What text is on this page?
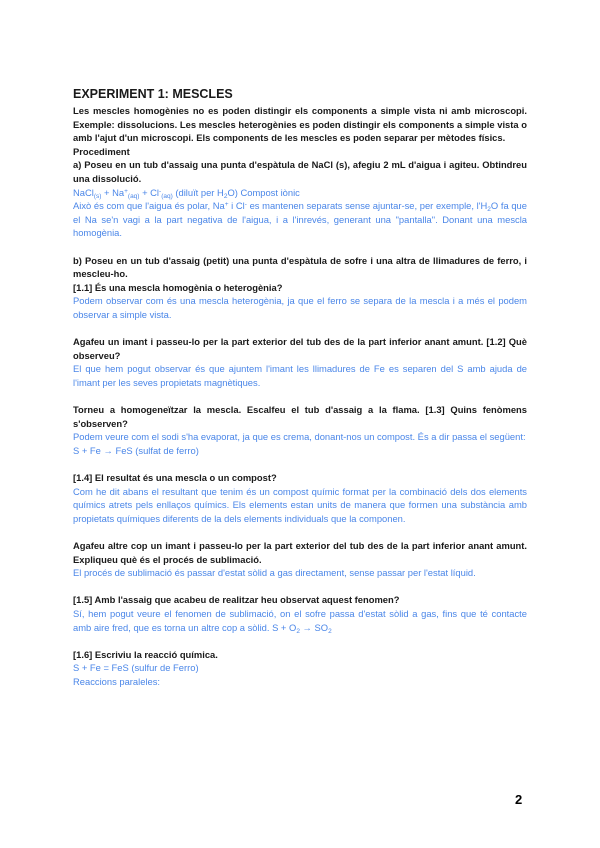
EXPERIMENT 1: MESCLES

Les mescles homogènies no es poden distingir els components a simple vista ni amb microscopi. Exemple: dissolucions. Les mescles heterogènies es poden distingir els components a simple vista o amb l'ajut d'un microscopi. Els components de les mescles es poden separar per mètodes físics.

Procediment

a) Poseu en un tub d'assaig una punta d'espàtula de NaCl (s), afegiu 2 mL d'aigua i agiteu. Obtindreu una dissolució.

NaCl$_{(s)}$ + $Na^+_{(aq)} + Cl^-_{(aq)}$ (diluït per $H_2O$) Compost iònic

Això és com que l'aigua és polar, Na+ i Cl- es mantenen separats sense ajuntar-se, per exemple, $l'H_2O$ fa que el Na se'n vagi a la part negativa de l'aigua, i a l'inrevés, generant una "pantalla". Donant una mescla homogènia.

b) Poseu en un tub d'assaig (petit) una punta d'espàtula de sofre i una altra de llimadures de ferro, i mescleu-ho.

[1.1] És una mescla homogènia o heterogènia?

Podem observar com és una mescla heterogènia, ja que el ferro se separa de la mescla i a més el podem observar a simple vista.

Agafeu un imant i passeu-lo per la part exterior del tub des de la part inferior anant amunt. [1.2] Què observeu?

El que hem pogut observar és que ajuntem l'imant les llimadures de Fe es separen del S amb ajuda de l'imant per les seves propietats magnètiques.

Torneu a homogeneïtzar la mescla. Escalfeu el tub d'assaig a la flama. [1.3] Quins fenòmens s'observen?

Podem veure com el sodi s'ha evaporat, ja que es crema, donant-nos un compost. És a dir passa el següent:

S + Fe → FeS (sulfat de ferro)

[1.4] El resultat és una mescla o un compost?

Com he dit abans el resultant que tenim és un compost químic format per la combinació dels dos elements químics atrets pels enllaços químics. Els elements estan units de manera que formen una substància amb propietats químiques diferents de la dels elements individuals que la componen.

Agafeu altre cop un imant i passeu-lo per la part exterior del tub des de la part inferior anant amunt. Expliqueu què és el procés de sublimació.

El procés de sublimació és passar d'estat sòlid a gas directament, sense passar per l'estat líquid.

[1.5] Amb l'assaig que acabeu de realitzar heu observat aquest fenomen?

Sí, hem pogut veure el fenomen de sublimació, on el sofre passa d'estat sòlid a gas, fins que té contacte amb aire fred, que es torna un altre cop a sòlid. $S + O_2 \to SO_2$

[1.6] Escriviu la reacció química.

S + Fe = FeS (sulfur de Ferro)

Reaccions paraleles:

2
